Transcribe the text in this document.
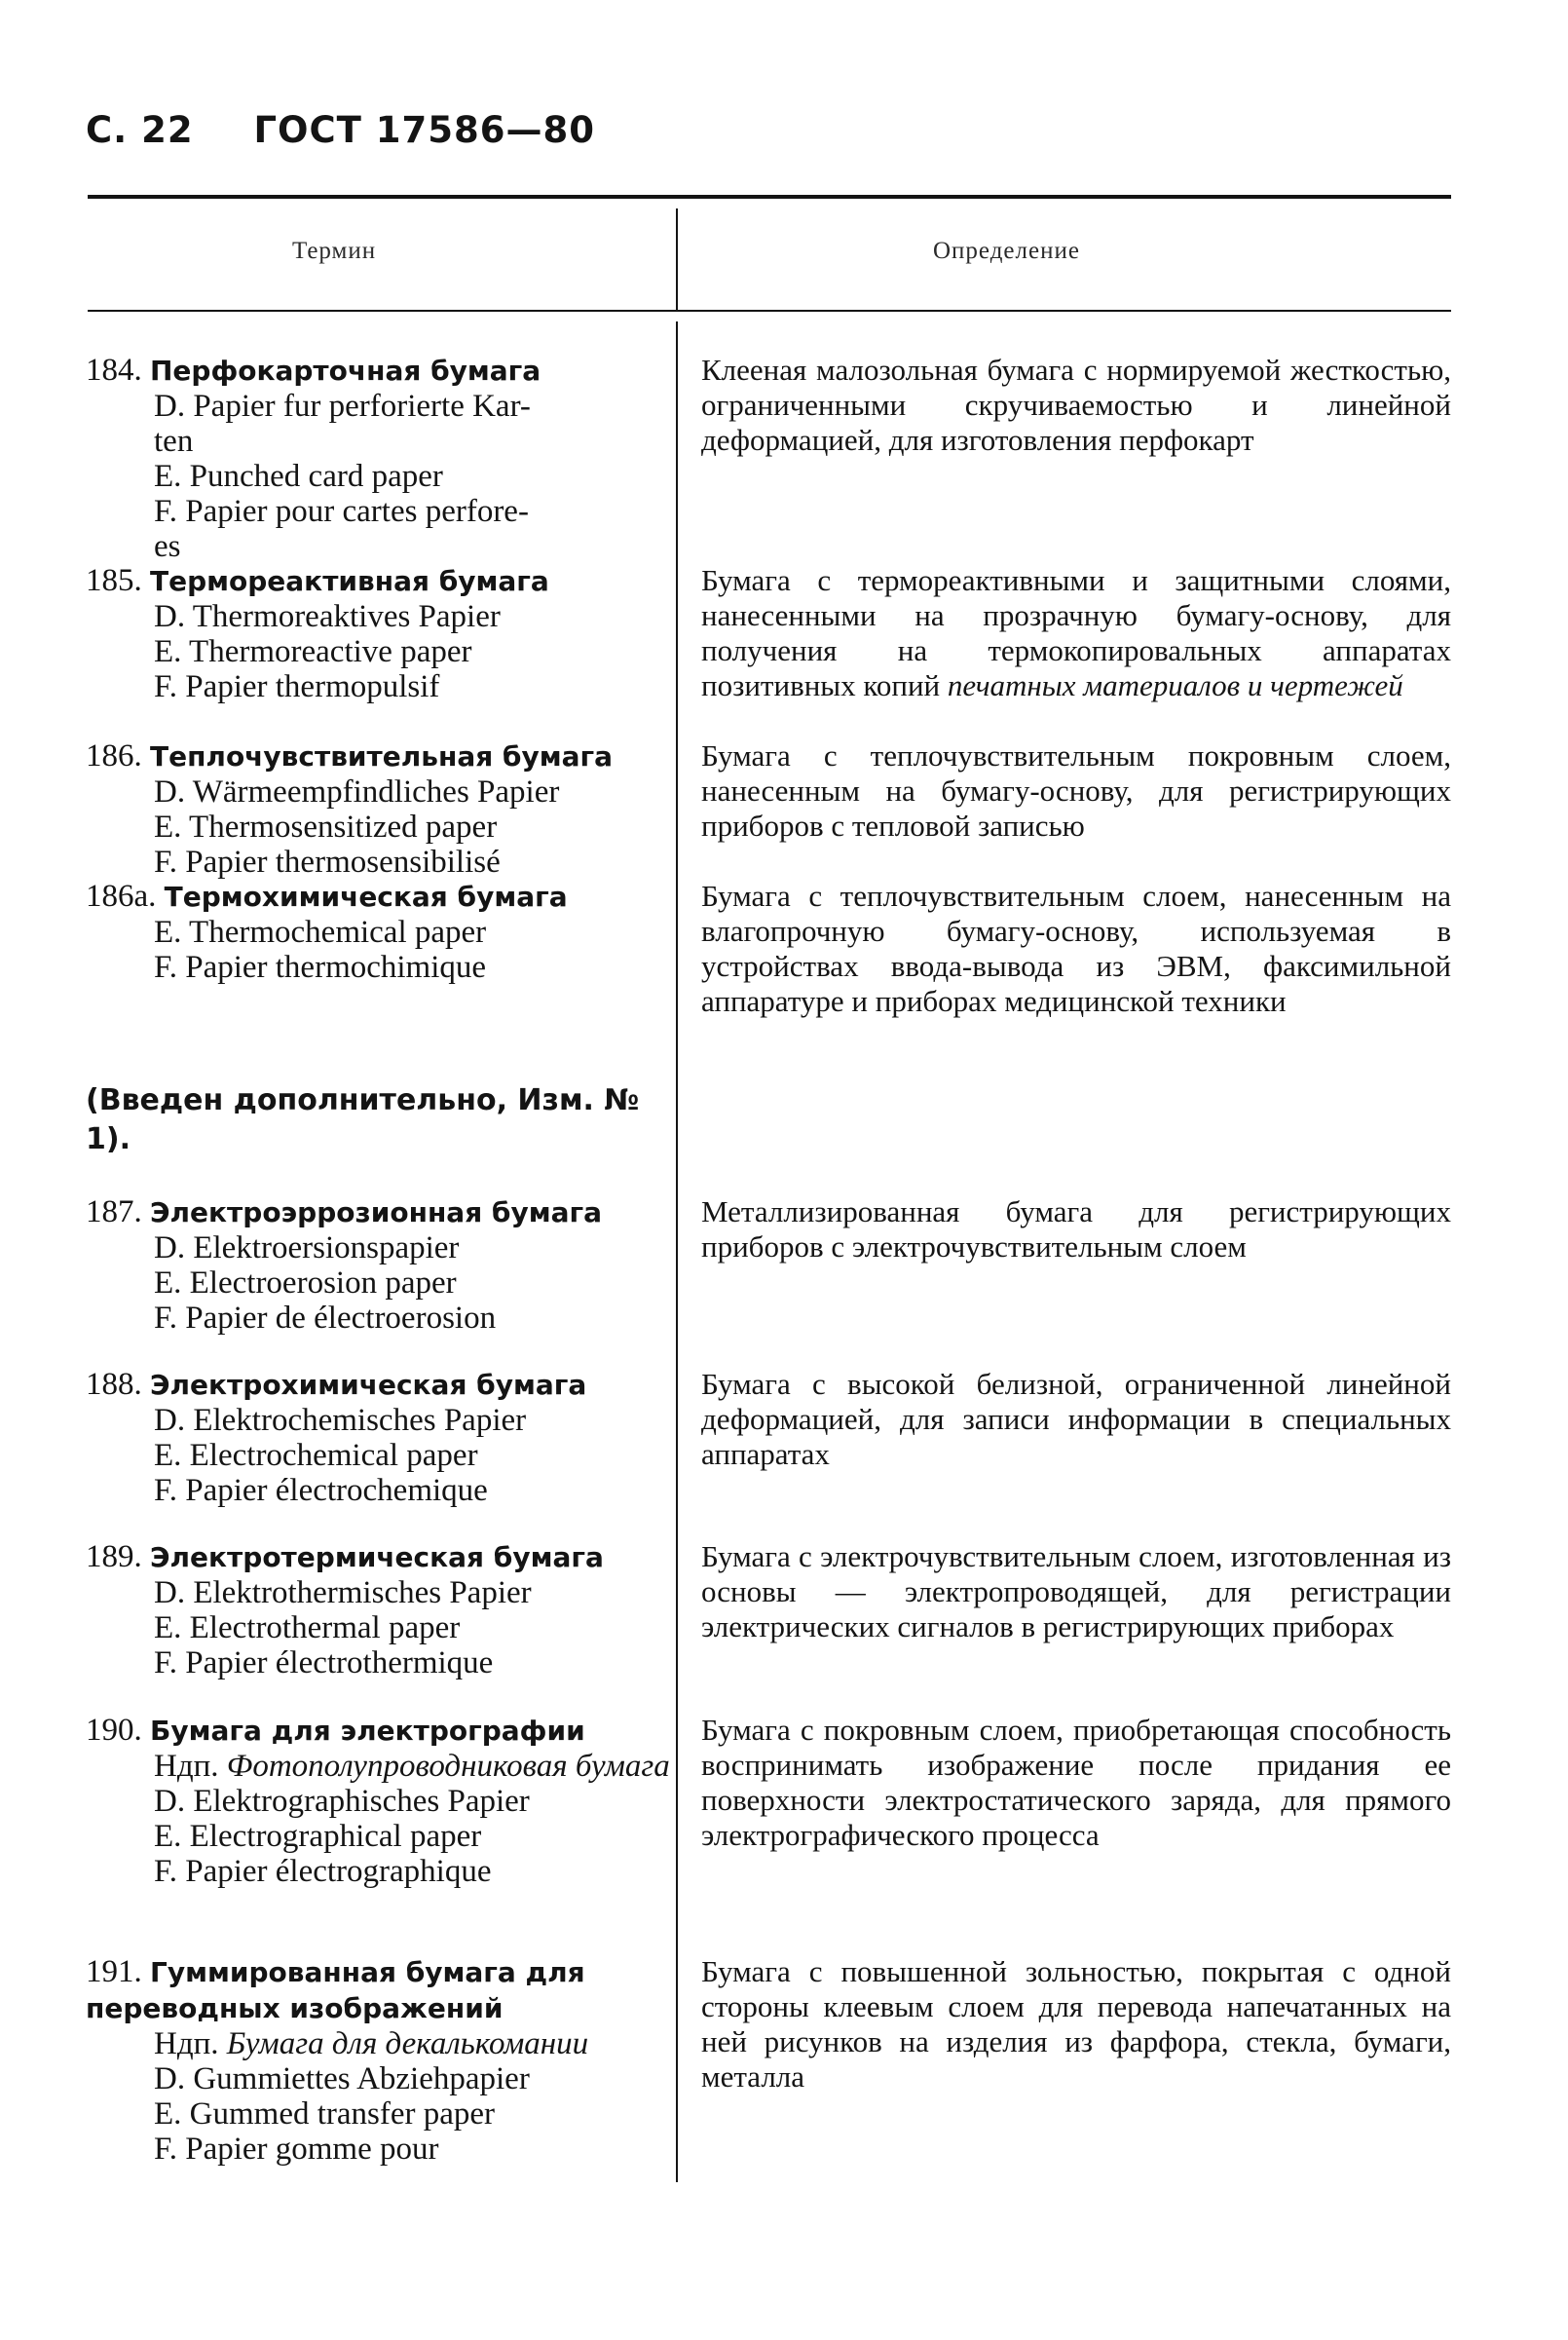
С. 22 ГОСТ 17586—80
Термин	Определение
184. Перфокарточная бумага
D. Papier fur perforierte Kar-
ten
E. Punched card paper
F. Papier pour cartes perfore-
es
Клееная малозольная бумага с нормируемой жесткостью, ограниченными скручиваемостью и линейной деформацией, для изготовления перфокарт
185. Термореактивная бумага
D. Thermoreaktives Papier
E. Thermoreactive paper
F. Papier thermopulsif
Бумага с термореактивными и защитными слоями, нанесенными на прозрачную бумагу-основу, для получения на термокопировальных аппаратах позитивных копий печатных материалов и чертежей
186. Теплочувствительная бумага
D. Wärmeempfindliches Papier
E. Thermosensitized paper
F. Papier thermosensibilisé
Бумага с теплочувствительным покровным слоем, нанесенным на бумагу-основу, для регистрирующих приборов с тепловой записью
186а. Термохимическая бумага
E. Thermochemical paper
F. Papier thermochimique
Бумага с теплочувствительным слоем, нанесенным на влагопрочную бумагу-основу, используемая в устройствах ввода-вывода из ЭВМ, факсимильной аппаратуре и приборах медицинской техники
(Введен дополнительно, Изм. № 1).
187. Электроэррозионная бумага
D. Elektroersionspapier
E. Electroerosion paper
F. Papier de électroerosion
Металлизированная бумага для регистрирующих приборов с электрочувствительным слоем
188. Электрохимическая бумага
D. Elektrochemisches Papier
E. Electrochemical paper
F. Papier électrochemique
Бумага с высокой белизной, ограниченной линейной деформацией, для записи информации в специальных аппаратах
189. Электротермическая бумага
D. Elektrothermisches Papier
E. Electrothermal paper
F. Papier électrothermique
Бумага с электрочувствительным слоем, изготовленная из основы — электропроводящей, для регистрации электрических сигналов в регистрирующих приборах
190. Бумага для электрографии
Ндп. Фотополупроводниковая бумага
D. Elektrographisches Papier
E. Electrographical paper
F. Papier électrographique
Бумага с покровным слоем, приобретающая способность воспринимать изображение после придания ее поверхности электростатического заряда, для прямого электрографического процесса
191. Гуммированная бумага для переводных изображений
Ндп. Бумага для декалькомании
D. Gummiettes Abziehpapier
E. Gummed transfer paper
F. Papier gomme pour
Бумага с повышенной зольностью, покрытая с одной стороны клеевым слоем для перевода напечатанных на ней рисунков на изделия из фарфора, стекла, бумаги, металла
